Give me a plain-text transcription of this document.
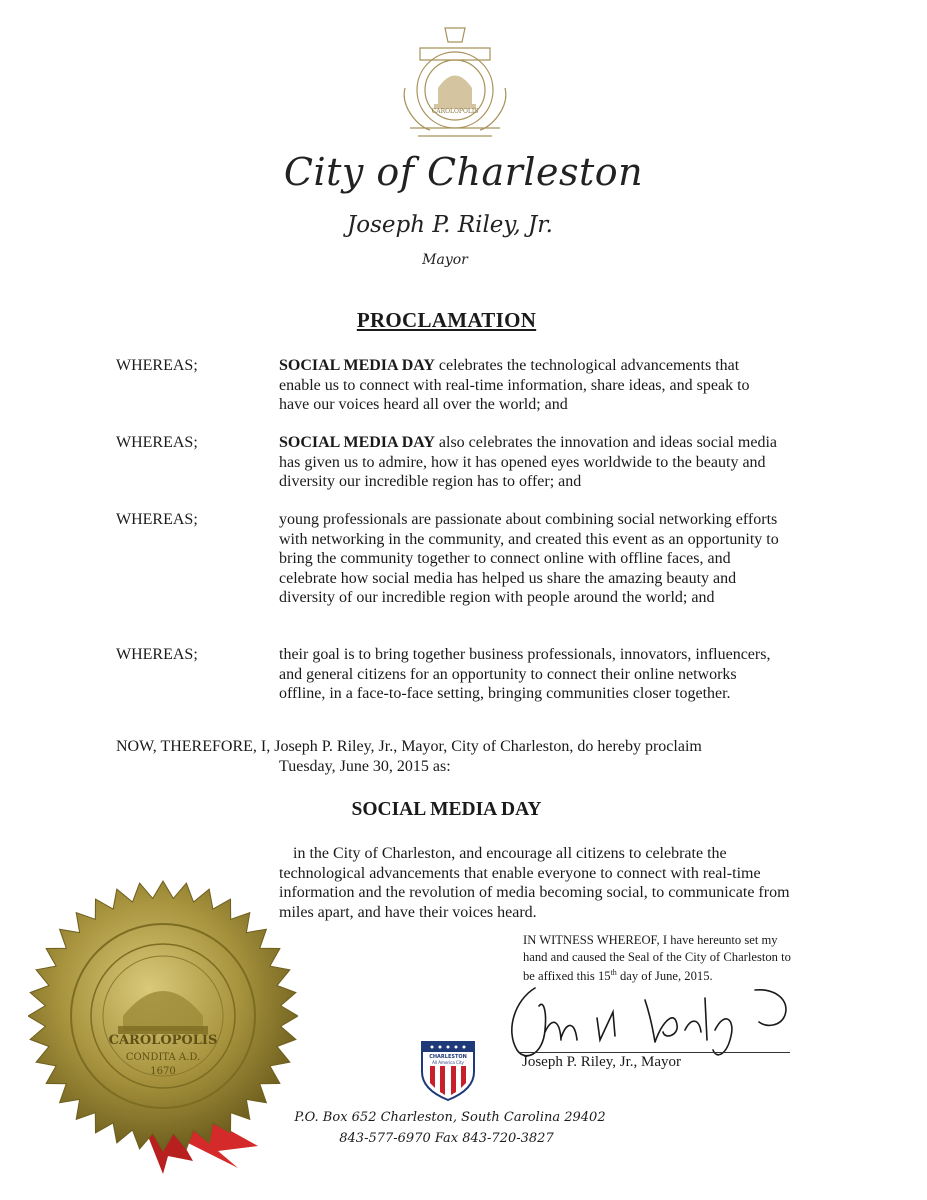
CAROLOPOLIS
City of Charleston
Joseph P. Riley, Jr.
Mayor
PROCLAMATION
WHEREAS;	SOCIAL MEDIA DAY celebrates the technological advancements that enable us to connect with real-time information, share ideas, and speak to have our voices heard all over the world; and
WHEREAS;	SOCIAL MEDIA DAY also celebrates the innovation and ideas social media has given us to admire, how it has opened eyes worldwide to the beauty and diversity our incredible region has to offer; and
WHEREAS;	young professionals are passionate about combining social networking efforts with networking in the community, and created this event as an opportunity to bring the community together to connect online with offline faces, and celebrate how social media has helped us share the amazing beauty and diversity of our incredible region with people around the world; and
WHEREAS;	their goal is to bring together business professionals, innovators, influencers, and general citizens for an opportunity to connect their online networks offline, in a face-to-face setting, bringing communities closer together.
NOW, THEREFORE, I, Joseph P. Riley, Jr., Mayor, City of Charleston, do hereby proclaim
Tuesday, June 30, 2015 as:
SOCIAL MEDIA DAY
in the City of Charleston, and encourage all citizens to celebrate the technological advancements that enable everyone to connect with real-time information and the revolution of media becoming social, to communicate from miles apart, and have their voices heard.
IN WITNESS WHEREOF, I have hereunto set my hand and caused the Seal of the City of Charleston to be affixed this 15th day of June, 2015.
Joseph P. Riley, Jr., Mayor
CAROLOPOLIS
CONDITA A.D.
1670
CHARLESTON
All America City
P.O. Box 652 Charleston, South Carolina 29402
843-577-6970 Fax 843-720-3827
